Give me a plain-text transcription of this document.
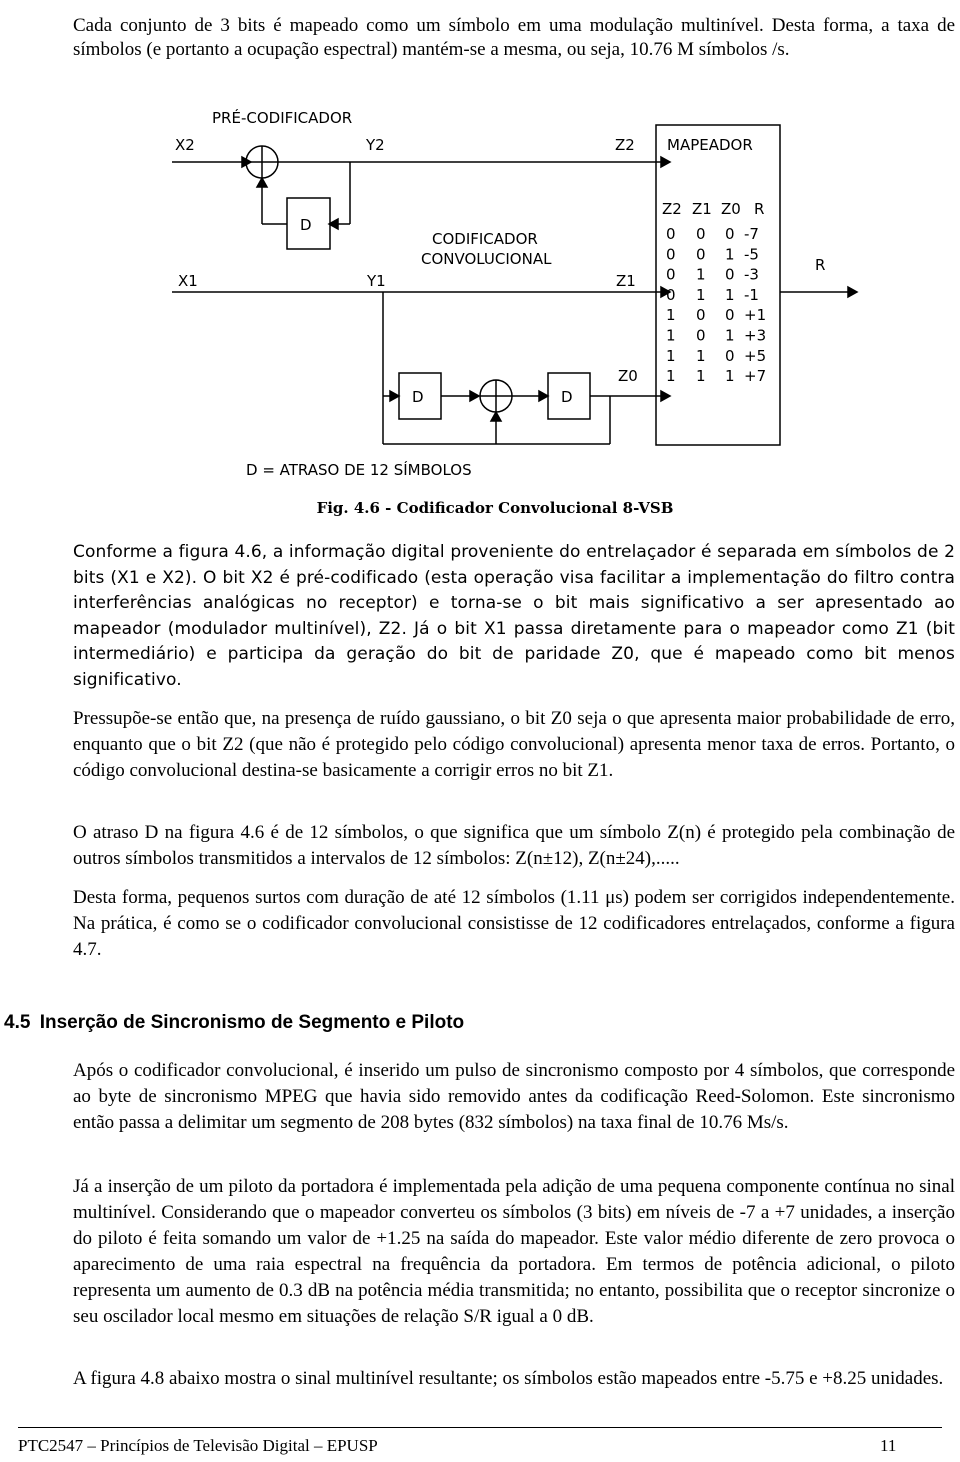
Cada conjunto de 3 bits é mapeado como um símbolo em uma modulação multinível. Desta forma, a taxa de símbolos (e portanto a ocupação espectral) mantém-se a mesma, ou seja, 10.76 M símbolos /s.

PRÉ-CODIFICADOR
X2	Y2	Z2 MAPEADOR
D
CODIFICADOR
CONVOLUCIONAL
X1	Y1	Z1
Z0
D	D
R
D = ATRASO DE 12 SÍMBOLOS
Z2 Z1 Z0 R
0 0 0 -7
0 0 1 -5
0 1 0 -3
0 1 1 -1
1 0 0 +1
1 0 1 +3
1 1 0 +5
1 1 1 +7
Fig. 4.6 - Codificador Convolucional 8-VSB

Conforme a figura 4.6, a informação digital proveniente do entrelaçador é separada em símbolos de 2 bits (X1 e X2). O bit X2 é pré-codificado (esta operação visa facilitar a implementação do filtro contra interferências analógicas no receptor) e torna-se o bit mais significativo a ser apresentado ao mapeador (modulador multinível), Z2. Já o bit X1 passa diretamente para o mapeador como Z1 (bit intermediário) e participa da geração do bit de paridade Z0, que é mapeado como bit menos significativo.

Pressupõe-se então que, na presença de ruído gaussiano, o bit Z0 seja o que apresenta maior probabilidade de erro, enquanto que o bit Z2 (que não é protegido pelo código convolucional) apresenta menor taxa de erros. Portanto, o código convolucional destina-se basicamente a corrigir erros no bit Z1.

O atraso D na figura 4.6 é de 12 símbolos, o que significa que um símbolo Z(n) é protegido pela combinação de outros símbolos transmitidos a intervalos de 12 símbolos: Z(n±12), Z(n±24),.....

Desta forma, pequenos surtos com duração de até 12 símbolos (1.11 μs) podem ser corrigidos independentemente. Na prática, é como se o codificador convolucional consistisse de 12 codificadores entrelaçados, conforme a figura 4.7.

4.5 Inserção de Sincronismo de Segmento e Piloto

Após o codificador convolucional, é inserido um pulso de sincronismo composto por 4 símbolos, que corresponde ao byte de sincronismo MPEG que havia sido removido antes da codificação Reed-Solomon. Este sincronismo então passa a delimitar um segmento de 208 bytes (832 símbolos) na taxa final de 10.76 Ms/s.

Já a inserção de um piloto da portadora é implementada pela adição de uma pequena componente contínua no sinal multinível. Considerando que o mapeador converteu os símbolos (3 bits) em níveis de -7 a +7 unidades, a inserção do piloto é feita somando um valor de +1.25 na saída do mapeador. Este valor médio diferente de zero provoca o aparecimento de uma raia espectral na frequência da portadora. Em termos de potência adicional, o piloto representa um aumento de 0.3 dB na potência média transmitida; no entanto, possibilita que o receptor sincronize o seu oscilador local mesmo em situações de relação S/R igual a 0 dB.

A figura 4.8 abaixo mostra o sinal multinível resultante; os símbolos estão mapeados entre -5.75 e +8.25 unidades.

PTC2547 – Princípios de Televisão Digital – EPUSP	11
